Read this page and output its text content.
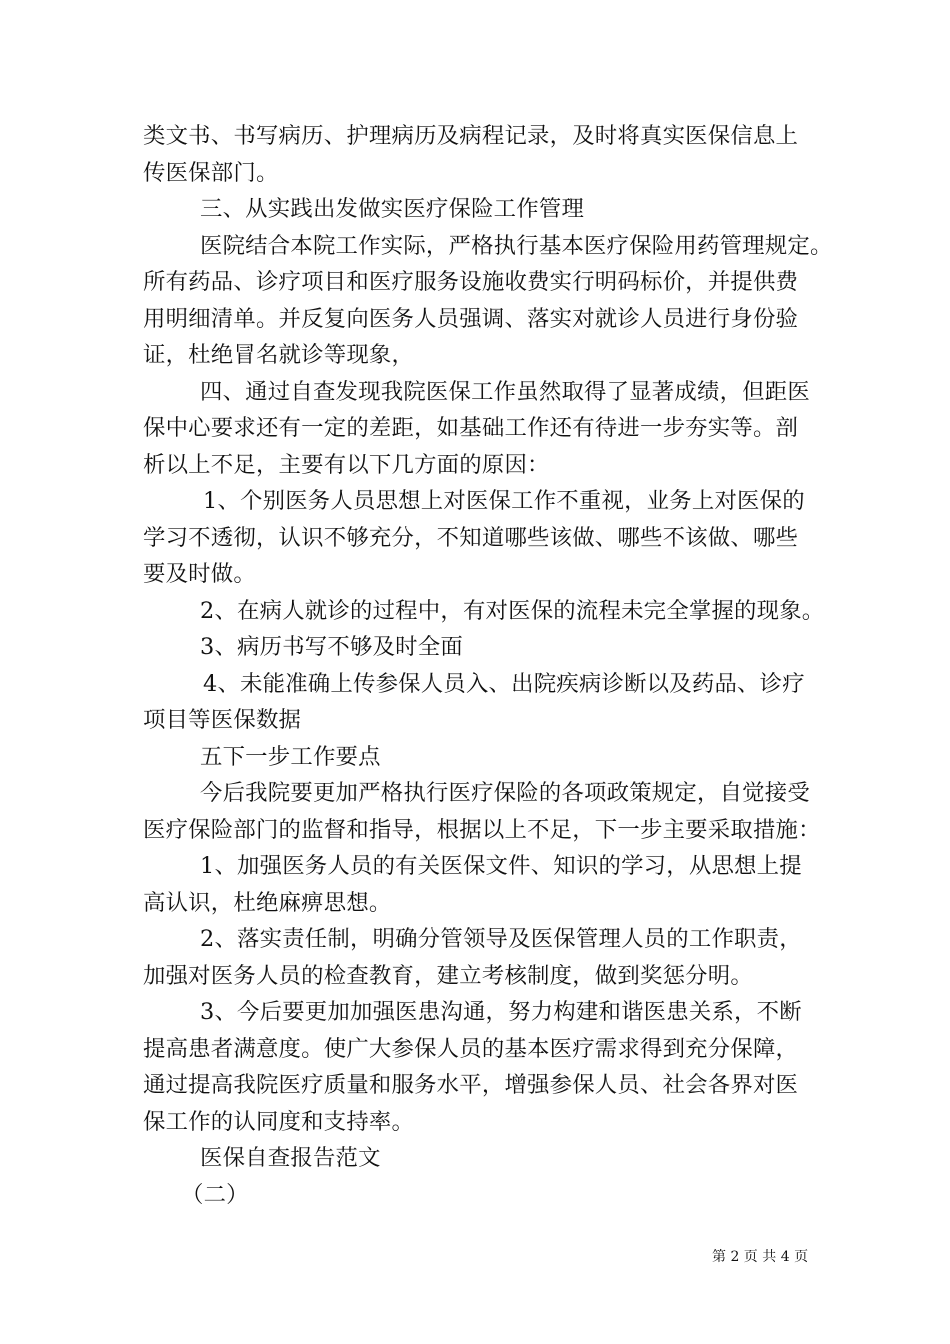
类文书、书写病历、护理病历及病程记录，及时将真实医保信息上
传医保部门。
三、从实践出发做实医疗保险工作管理
医院结合本院工作实际，严格执行基本医疗保险用药管理规定。
所有药品、诊疗项目和医疗服务设施收费实行明码标价，并提供费
用明细清单。并反复向医务人员强调、落实对就诊人员进行身份验
证，杜绝冒名就诊等现象，
四、通过自查发现我院医保工作虽然取得了显著成绩，但距医
保中心要求还有一定的差距，如基础工作还有待进一步夯实等。剖
析以上不足，主要有以下几方面的原因：
1、个别医务人员思想上对医保工作不重视，业务上对医保的
学习不透彻，认识不够充分，不知道哪些该做、哪些不该做、哪些
要及时做。
2、在病人就诊的过程中，有对医保的流程未完全掌握的现象。
3、病历书写不够及时全面
4、未能准确上传参保人员入、出院疾病诊断以及药品、诊疗
项目等医保数据
五下一步工作要点
今后我院要更加严格执行医疗保险的各项政策规定，自觉接受
医疗保险部门的监督和指导，根据以上不足，下一步主要采取措施：
1、加强医务人员的有关医保文件、知识的学习，从思想上提
高认识，杜绝麻痹思想。
2、落实责任制，明确分管领导及医保管理人员的工作职责，
加强对医务人员的检查教育，建立考核制度，做到奖惩分明。
3、今后要更加加强医患沟通，努力构建和谐医患关系，不断
提高患者满意度。使广大参保人员的基本医疗需求得到充分保障，
通过提高我院医疗质量和服务水平，增强参保人员、社会各界对医
保工作的认同度和支持率。
医保自查报告范文
（二）
第 2 页 共 4 页
